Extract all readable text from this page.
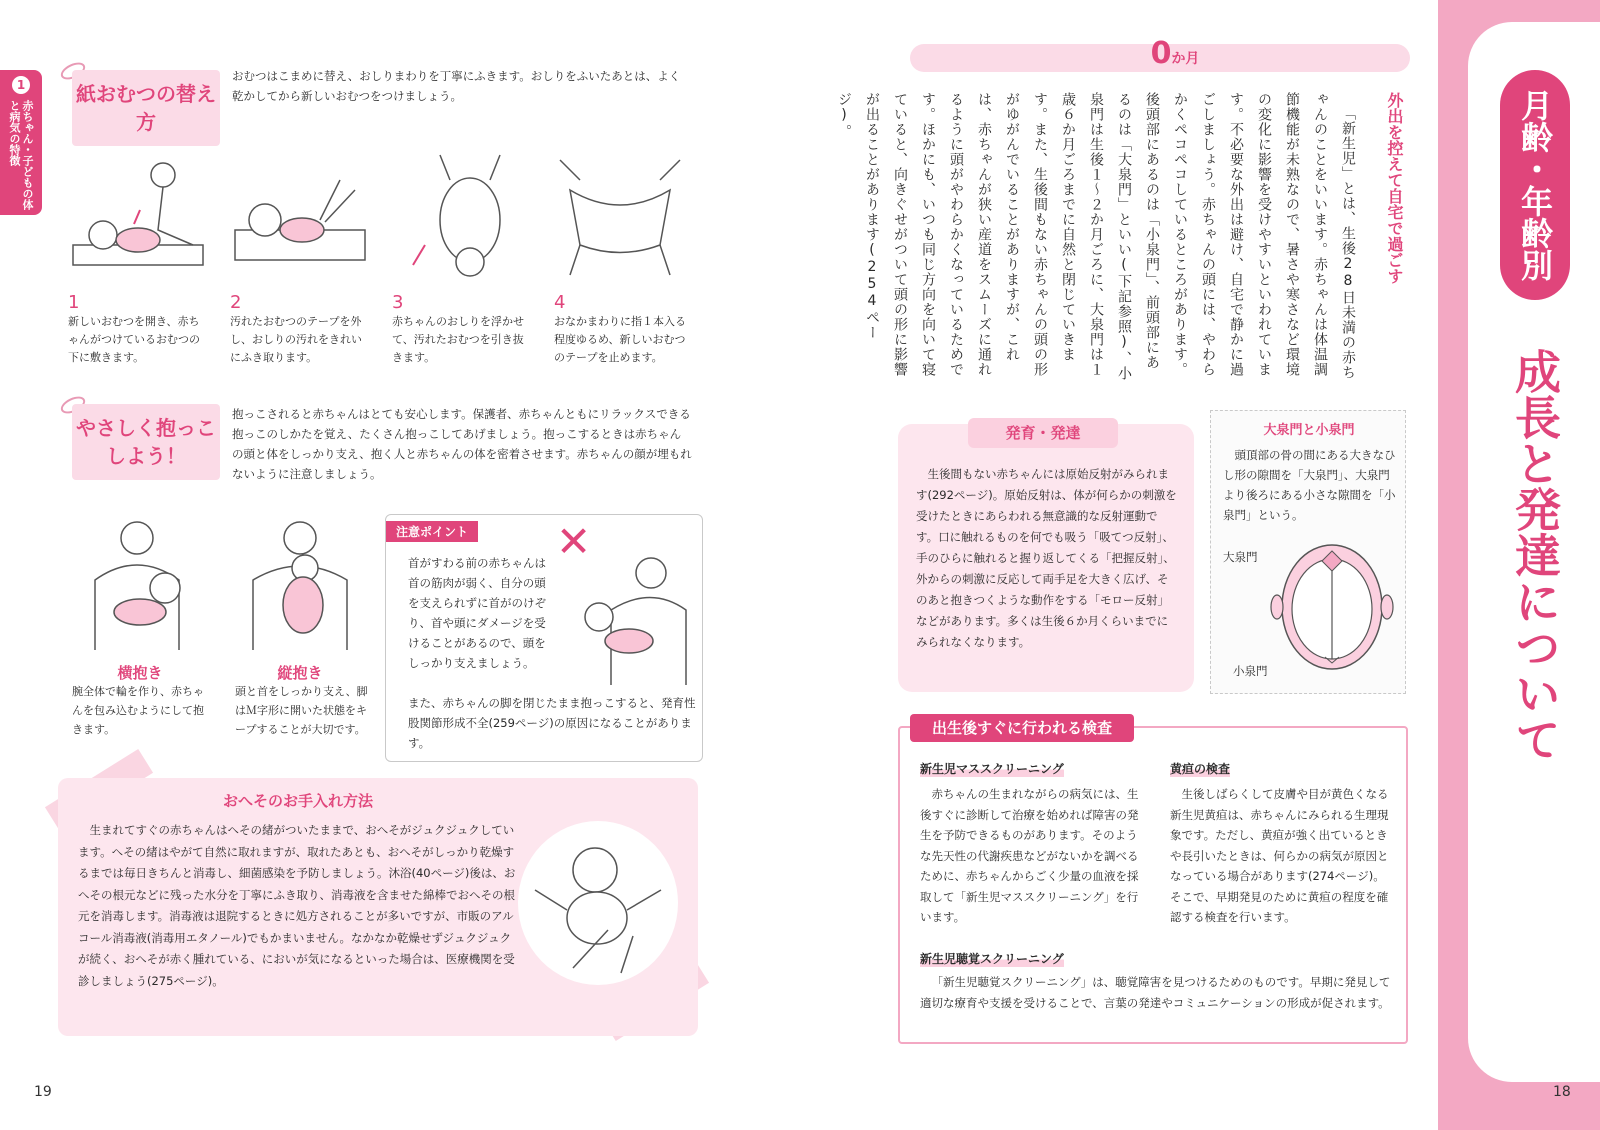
1
赤ちゃん・子どもの体と病気の特徴
紙おむつの替え方
おむつはこまめに替え、おしりまわりを丁寧にふきます。おしりをふいたあとは、よく乾かしてから新しいおむつをつけましょう。
1
新しいおむつを開き、赤ちゃんがつけているおむつの下に敷きます。
2
汚れたおむつのテープを外し、おしりの汚れをきれいにふき取ります。
3
赤ちゃんのおしりを浮かせて、汚れたおむつを引き抜きます。
4
おなかまわりに指１本入る程度ゆるめ、新しいおむつのテープを止めます。
やさしく抱っこしよう！
抱っこされると赤ちゃんはとても安心します。保護者、赤ちゃんともにリラックスできる抱っこのしかたを覚え、たくさん抱っこしてあげましょう。抱っこするときは赤ちゃんの頭と体をしっかり支え、抱く人と赤ちゃんの体を密着させます。赤ちゃんの顔が埋もれないように注意しましょう。
横抱き
腕全体で輪を作り、赤ちゃんを包み込むようにして抱きます。
縦抱き
頭と首をしっかり支え、脚はＭ字形に開いた状態をキープすることが大切です。
注意ポイント
首がすわる前の赤ちゃんは首の筋肉が弱く、自分の頭を支えられずに首がのけぞり、首や頭にダメージを受けることがあるので、頭をしっかり支えましょう。
✕
また、赤ちゃんの脚を閉じたまま抱っこすると、発育性股関節形成不全(259ページ)の原因になることがあります。
おへそのお手入れ方法
生まれてすぐの赤ちゃんはへその緒がついたままで、おへそがジュクジュクしています。へその緒はやがて自然に取れますが、取れたあとも、おへそがしっかり乾燥するまでは毎日きちんと消毒し、細菌感染を予防しましょう。沐浴(40ページ)後は、おへその根元などに残った水分を丁寧にふき取り、消毒液を含ませた綿棒でおへその根元を消毒します。消毒液は退院するときに処方されることが多いですが、市販のアルコール消毒液(消毒用エタノール)でもかまいません。なかなか乾燥せずジュクジュクが続く、おへそが赤く腫れている、においが気になるといった場合は、医療機関を受診しましょう(275ページ)。
19
月齢・年齢別
成長と発達について
0か月
外出を控えて自宅で過ごす
「新生児」とは、生後28日未満の赤ちゃんのことをいいます。赤ちゃんは体温調節機能が未熟なので、暑さや寒さなど環境の変化に影響を受けやすいといわれています。不必要な外出は避け、自宅で静かに過ごしましょう。赤ちゃんの頭には、やわらかくペコペコしているところがあります。後頭部にあるのは「小泉門」、前頭部にあるのは「大泉門」といい(下記参照)、小泉門は生後１～２か月ごろに、大泉門は１歳６か月ごろまでに自然と閉じていきます。また、生後間もない赤ちゃんの頭の形がゆがんでいることがありますが、これは、赤ちゃんが狭い産道をスムーズに通れるように頭がやわらかくなっているためです。ほかにも、いつも同じ方向を向いて寝ていると、向きぐせがついて頭の形に影響が出ることがあります(254ページ)。
発育・発達
生後間もない赤ちゃんには原始反射がみられます(292ページ)。原始反射は、体が何らかの刺激を受けたときにあらわれる無意識的な反射運動です。口に触れるものを何でも吸う「吸てつ反射」、手のひらに触れると握り返してくる「把握反射」、外からの刺激に反応して両手足を大きく広げ、そのあと抱きつくような動作をする「モロー反射」などがあります。多くは生後６か月くらいまでにみられなくなります。
大泉門と小泉門
頭頂部の骨の間にある大きなひし形の隙間を「大泉門」、大泉門より後ろにある小さな隙間を「小泉門」という。
大泉門
小泉門
出生後すぐに行われる検査
新生児マススクリーニング
赤ちゃんの生まれながらの病気には、生後すぐに診断して治療を始めれば障害の発生を予防できるものがあります。そのような先天性の代謝疾患などがないかを調べるために、赤ちゃんからごく少量の血液を採取して「新生児マススクリーニング」を行います。
黄疸の検査
生後しばらくして皮膚や目が黄色くなる新生児黄疸は、赤ちゃんにみられる生理現象です。ただし、黄疸が強く出ているときや長引いたときは、何らかの病気が原因となっている場合があります(274ページ)。そこで、早期発見のために黄疸の程度を確認する検査を行います。
新生児聴覚スクリーニング
「新生児聴覚スクリーニング」は、聴覚障害を見つけるためのものです。早期に発見して適切な療育や支援を受けることで、言葉の発達やコミュニケーションの形成が促されます。
18
